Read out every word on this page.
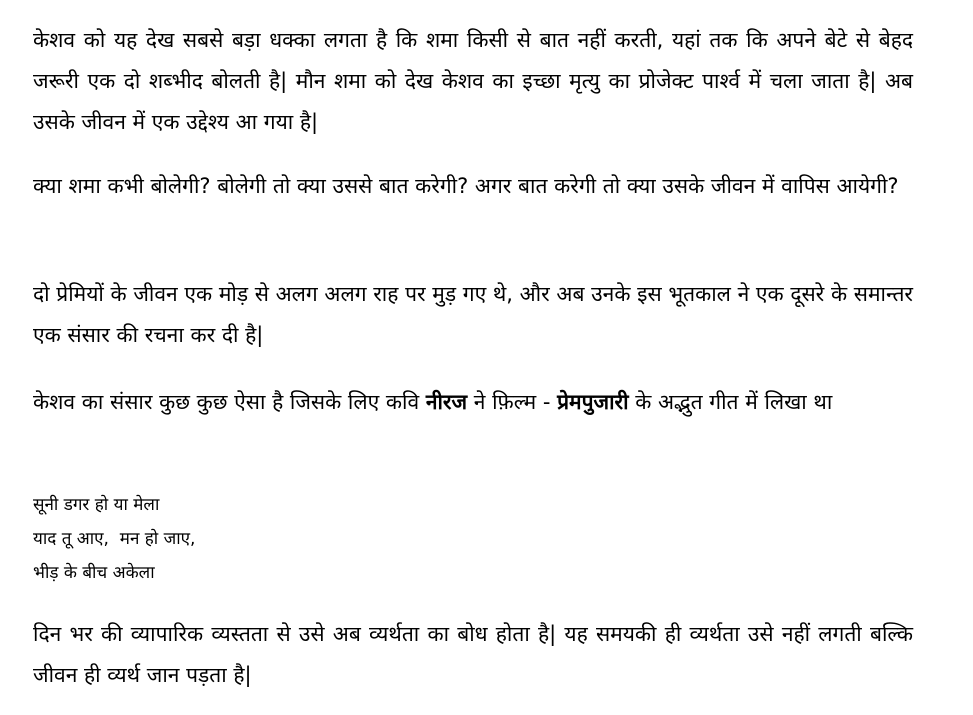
केशव को यह देख सबसे बड़ा धक्का लगता है कि शमा किसी से बात नहीं करती, यहां तक कि अपने बेटे से बेहद जरूरी एक दो शब्भीद बोलती है| मौन शमा को देख केशव का इच्छा मृत्यु का प्रोजेक्ट पार्श्व में चला जाता है| अब उसके जीवन में एक उद्देश्य आ गया है|

क्या शमा कभी बोलेगी? बोलेगी तो क्या उससे बात करेगी? अगर बात करेगी तो क्या उसके जीवन में वापिस आयेगी?

दो प्रेमियों के जीवन एक मोड़ से अलग अलग राह पर मुड़ गए थे, और अब उनके इस भूतकाल ने एक दूसरे के समान्तर एक संसार की रचना कर दी है|

केशव का संसार कुछ कुछ ऐसा है जिसके लिए कवि नीरज ने फ़िल्म - प्रेमपुजारी के अद्भुत गीत में लिखा था

सूनी डगर हो या मेला
याद तू आए,  मन हो जाए,
भीड़ के बीच अकेला

दिन भर की व्यापारिक व्यस्तता से उसे अब व्यर्थता का बोध होता है| यह समयकी ही व्यर्थता उसे नहीं लगती बल्कि जीवन ही व्यर्थ जान पड़ता है|
